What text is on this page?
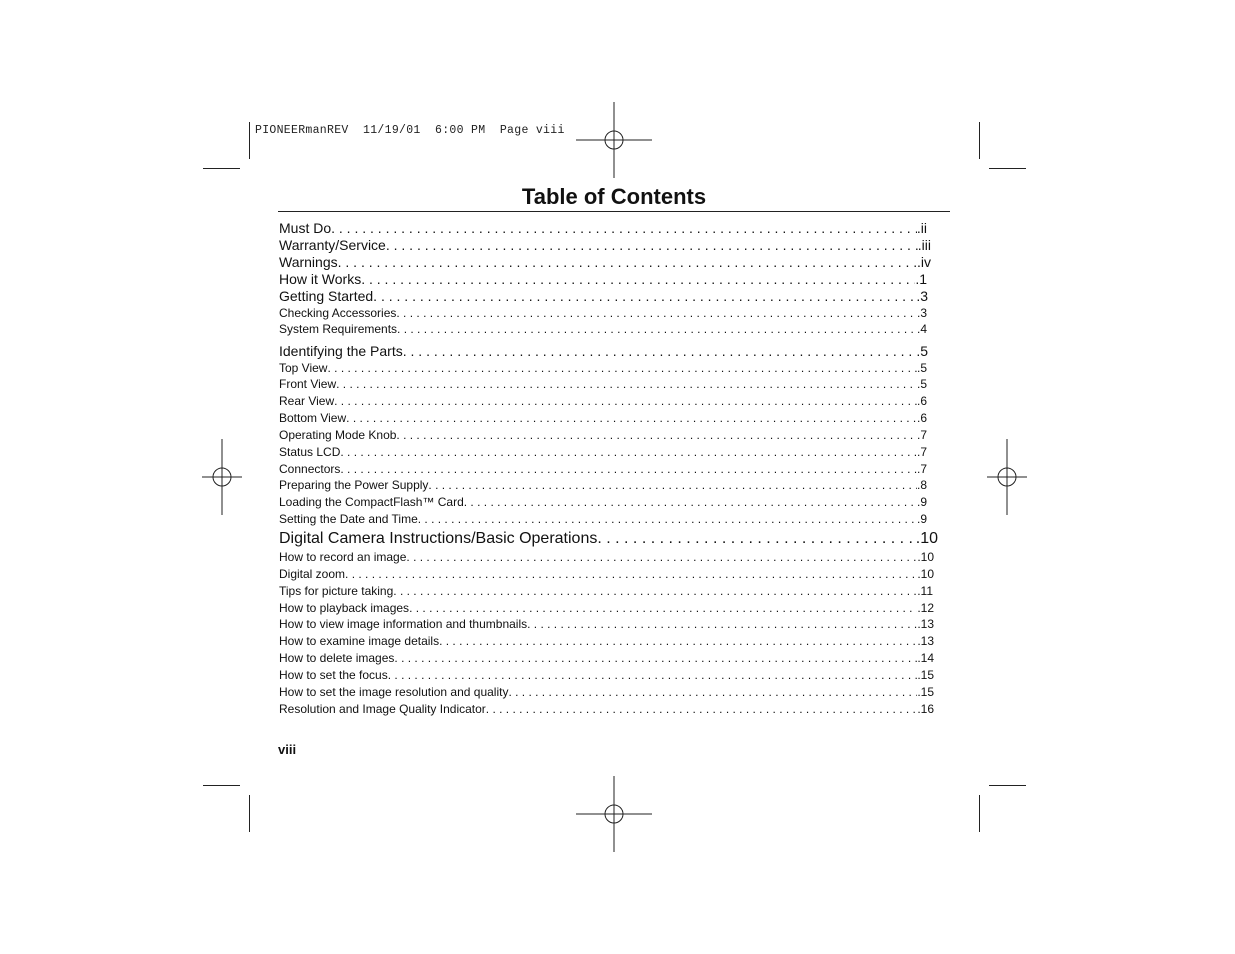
PIONEERmanREV  11/19/01  6:00 PM  Page viii
Table of Contents
Must Do . . .	.ii
Warranty/Service . . .	.iii
Warnings . . .	.iv
How it Works . . .	.1
Getting Started . . .	.3
Checking Accessories . . .	.3
System Requirements . . .	.4
Identifying the Parts . . .	.5
Top View . . .	.5
Front View . . .	.5
Rear View . . .	.6
Bottom View . . .	.6
Operating Mode Knob . . .	.7
Status LCD . . .	.7
Connectors . . .	.7
Preparing the Power Supply . . .	.8
Loading the CompactFlash™ Card . . .	.9
Setting the Date and Time . . .	.9
Digital Camera Instructions/Basic Operations . . .	.10
How to record an image . . .	.10
Digital zoom . . .	.10
Tips for picture taking . . .	.11
How to playback images . . .	.12
How to view image information and thumbnails . . .	.13
How to examine image details . . .	.13
How to delete images . . .	.14
How to set the focus . . .	.15
How to set the image resolution and quality . . .	.15
Resolution and Image Quality Indicator . . .	.16
viii
